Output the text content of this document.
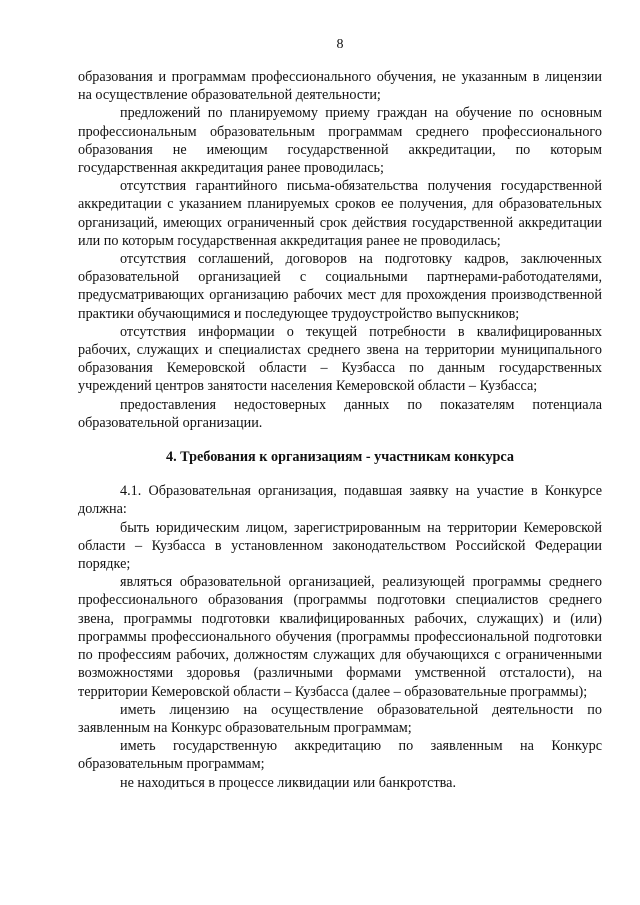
8

образования и программам профессионального обучения, не указанным в лицензии на осуществление образовательной деятельности;

предложений по планируемому приему граждан на обучение по основным профессиональным образовательным программам среднего профессионального образования не имеющим государственной аккредитации, по которым государственная аккредитация ранее проводилась;

отсутствия гарантийного письма-обязательства получения государственной аккредитации с указанием планируемых сроков ее получения, для образовательных организаций, имеющих ограниченный срок действия государственной аккредитации или по которым государственная аккредитация ранее не проводилась;

отсутствия соглашений, договоров на подготовку кадров, заключенных образовательной организацией с социальными партнерами-работодателями, предусматривающих организацию рабочих мест для прохождения производственной практики обучающимися и последующее трудоустройство выпускников;

отсутствия информации о текущей потребности в квалифицированных рабочих, служащих и специалистах среднего звена на территории муниципального образования Кемеровской области – Кузбасса по данным государственных учреждений центров занятости населения Кемеровской области – Кузбасса;

предоставления недостоверных данных по показателям потенциала образовательной организации.

4. Требования к организациям - участникам конкурса

4.1. Образовательная организация, подавшая заявку на участие в Конкурсе должна:

быть юридическим лицом, зарегистрированным на территории Кемеровской области – Кузбасса в установленном законодательством Российской Федерации порядке;

являться образовательной организацией, реализующей программы среднего профессионального образования (программы подготовки специалистов среднего звена, программы подготовки квалифицированных рабочих, служащих) и (или) программы профессионального обучения (программы профессиональной подготовки по профессиям рабочих, должностям служащих для обучающихся с ограниченными возможностями здоровья (различными формами умственной отсталости), на территории Кемеровской области – Кузбасса (далее – образовательные программы);

иметь лицензию на осуществление образовательной деятельности по заявленным на Конкурс образовательным программам;

иметь государственную аккредитацию по заявленным на Конкурс образовательным программам;

не находиться в процессе ликвидации или банкротства.
